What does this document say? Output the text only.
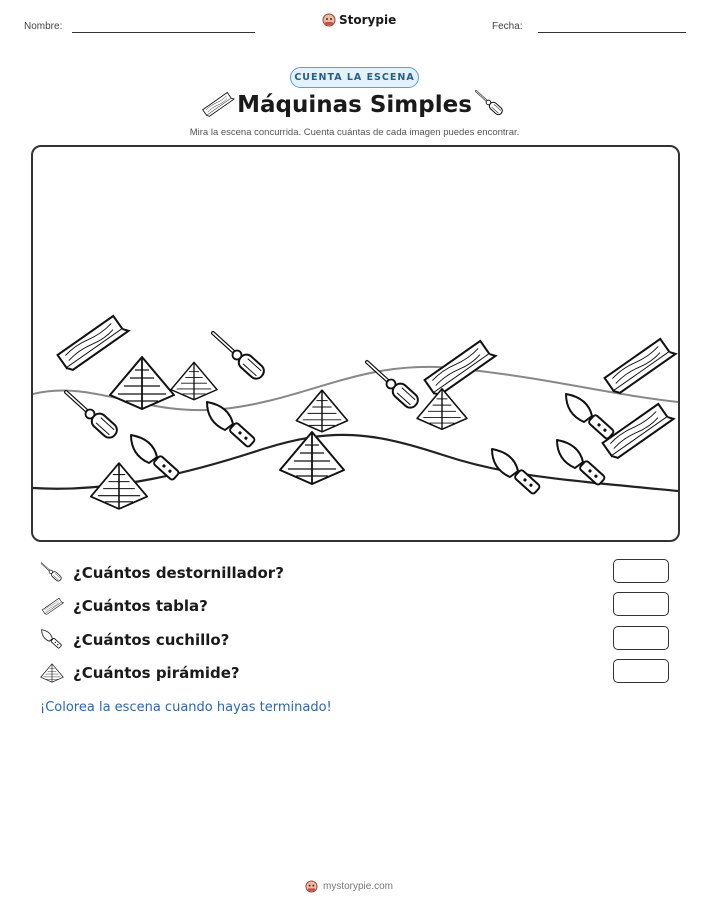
Nombre:	Storypie	Fecha:
CUENTA LA ESCENA
Máquinas Simples
Mira la escena concurrida. Cuenta cuántas de cada imagen puedes encontrar.
¿Cuántos destornillador?
¿Cuántos tabla?
¿Cuántos cuchillo?
¿Cuántos pirámide?
¡Colorea la escena cuando hayas terminado!
mystorypie.com
